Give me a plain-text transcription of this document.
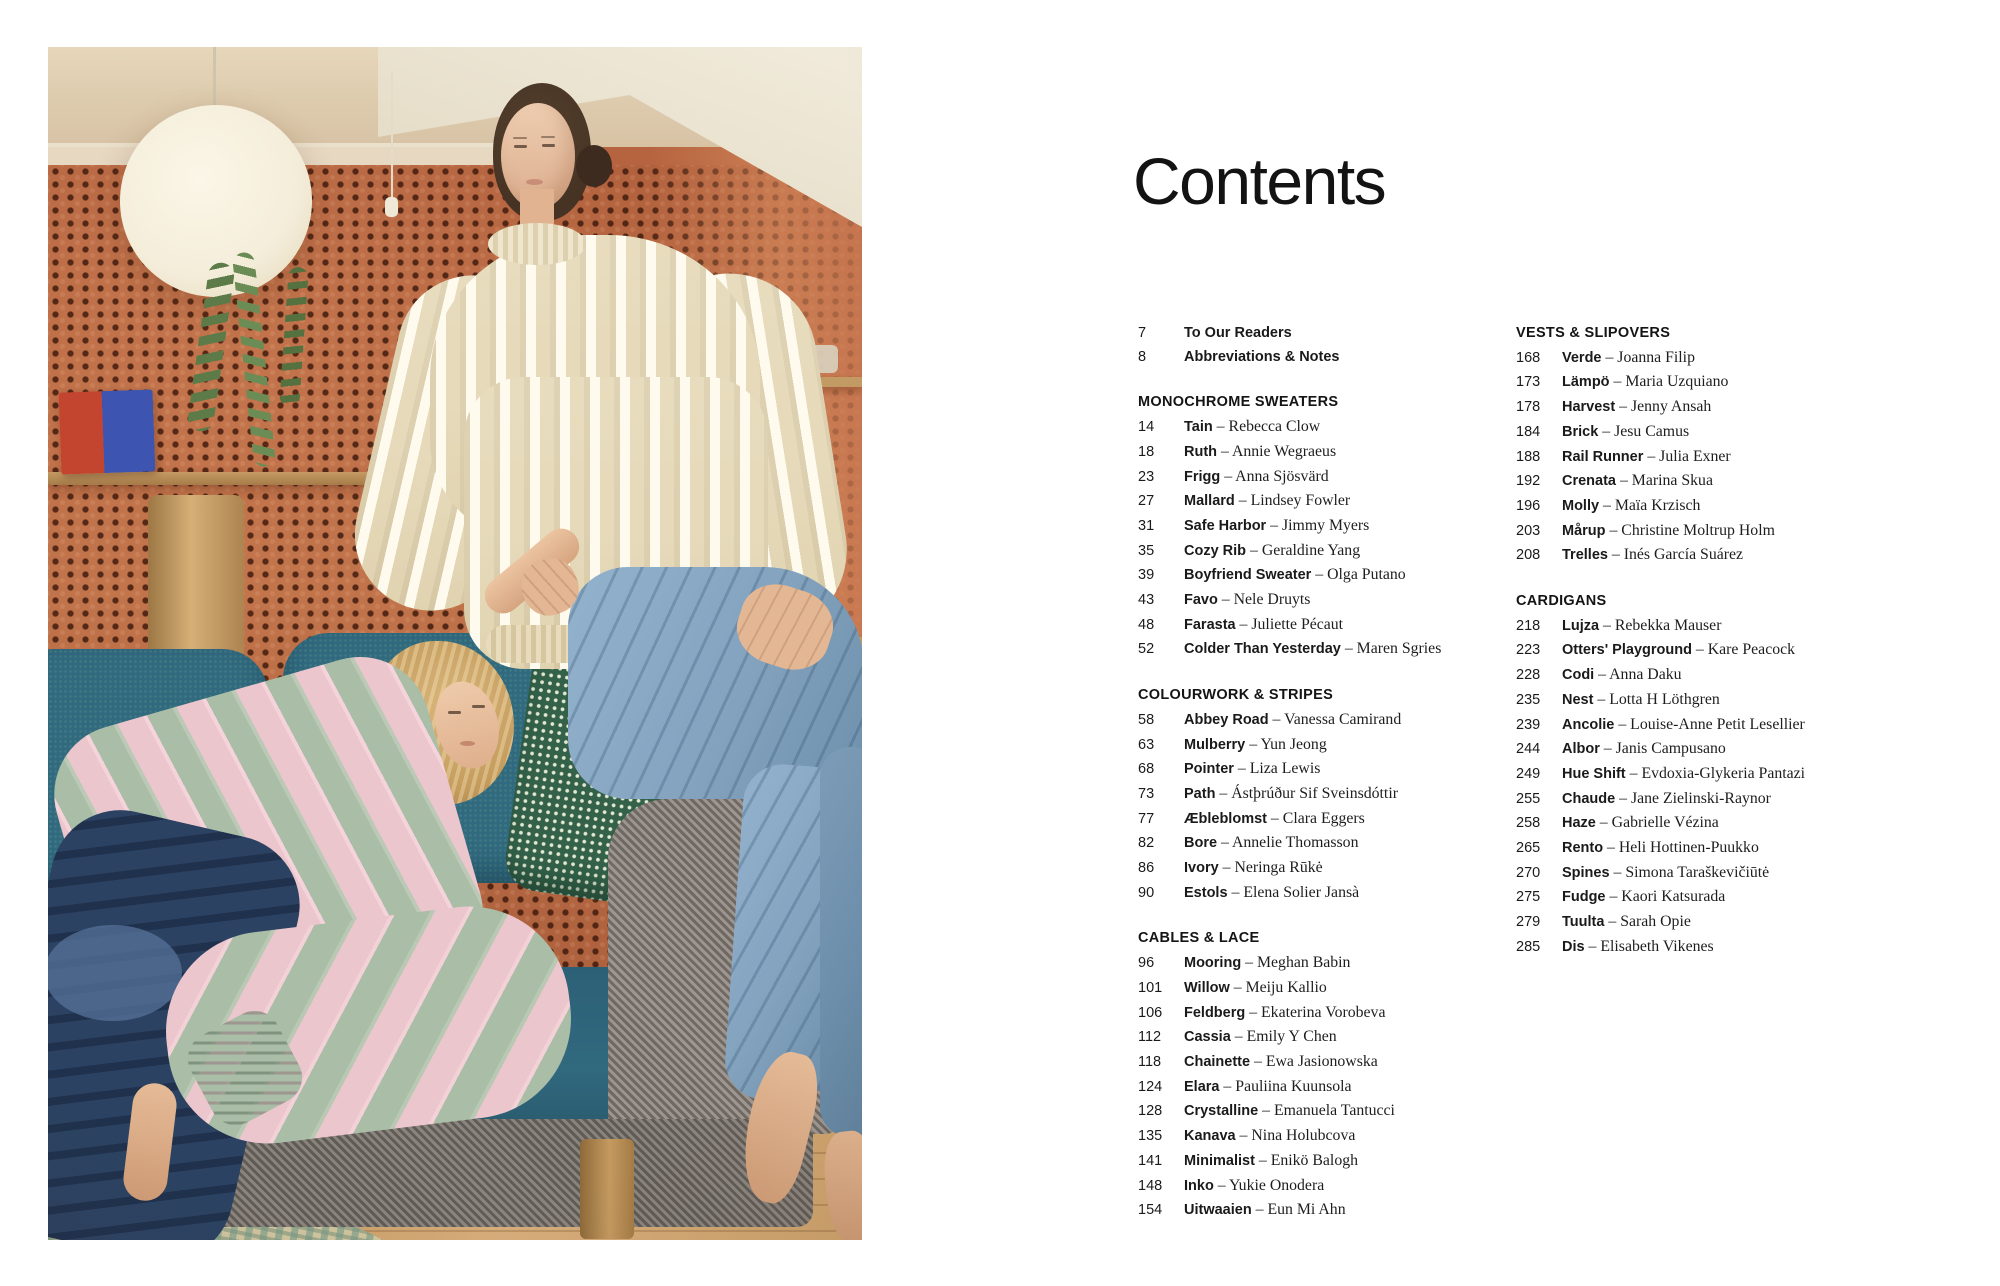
Contents
7	To Our Readers
8	Abbreviations & Notes
MONOCHROME SWEATERS
14 Tain – Rebecca Clow
18 Ruth – Annie Wegraeus
23 Frigg – Anna Sjösvärd
27 Mallard – Lindsey Fowler
31 Safe Harbor – Jimmy Myers
35 Cozy Rib – Geraldine Yang
39 Boyfriend Sweater – Olga Putano
43 Favo – Nele Druyts
48 Farasta – Juliette Pécaut
52 Colder Than Yesterday – Maren Sgries
COLOURWORK & STRIPES
58 Abbey Road – Vanessa Camirand
63 Mulberry – Yun Jeong
68 Pointer – Liza Lewis
73 Path – Ástþrúður Sif Sveinsdóttir
77 Æbleblomst – Clara Eggers
82 Bore – Annelie Thomasson
86 Ivory – Neringa Rūkė
90 Estols – Elena Solier Jansà
CABLES & LACE
96 Mooring – Meghan Babin
101 Willow – Meiju Kallio
106 Feldberg – Ekaterina Vorobeva
112 Cassia – Emily Y Chen
118 Chainette – Ewa Jasionowska
124 Elara – Pauliina Kuunsola
128 Crystalline – Emanuela Tantucci
135 Kanava – Nina Holubcova
141 Minimalist – Enikö Balogh
148 Inko – Yukie Onodera
154 Uitwaaien – Eun Mi Ahn
VESTS & SLIPOVERS
168 Verde – Joanna Filip
173 Lämpö – Maria Uzquiano
178 Harvest – Jenny Ansah
184 Brick – Jesu Camus
188 Rail Runner – Julia Exner
192 Crenata – Marina Skua
196 Molly – Maïa Krzisch
203 Mårup – Christine Moltrup Holm
208 Trelles – Inés García Suárez
CARDIGANS
218 Lujza – Rebekka Mauser
223 Otters' Playground – Kare Peacock
228 Codi – Anna Daku
235 Nest – Lotta H Löthgren
239 Ancolie – Louise-Anne Petit Lesellier
244 Albor – Janis Campusano
249 Hue Shift – Evdoxia-Glykeria Pantazi
255 Chaude – Jane Zielinski-Raynor
258 Haze – Gabrielle Vézina
265 Rento – Heli Hottinen-Puukko
270 Spines – Simona Taraškevičiūtė
275 Fudge – Kaori Katsurada
279 Tuulta – Sarah Opie
285 Dis – Elisabeth Vikenes
